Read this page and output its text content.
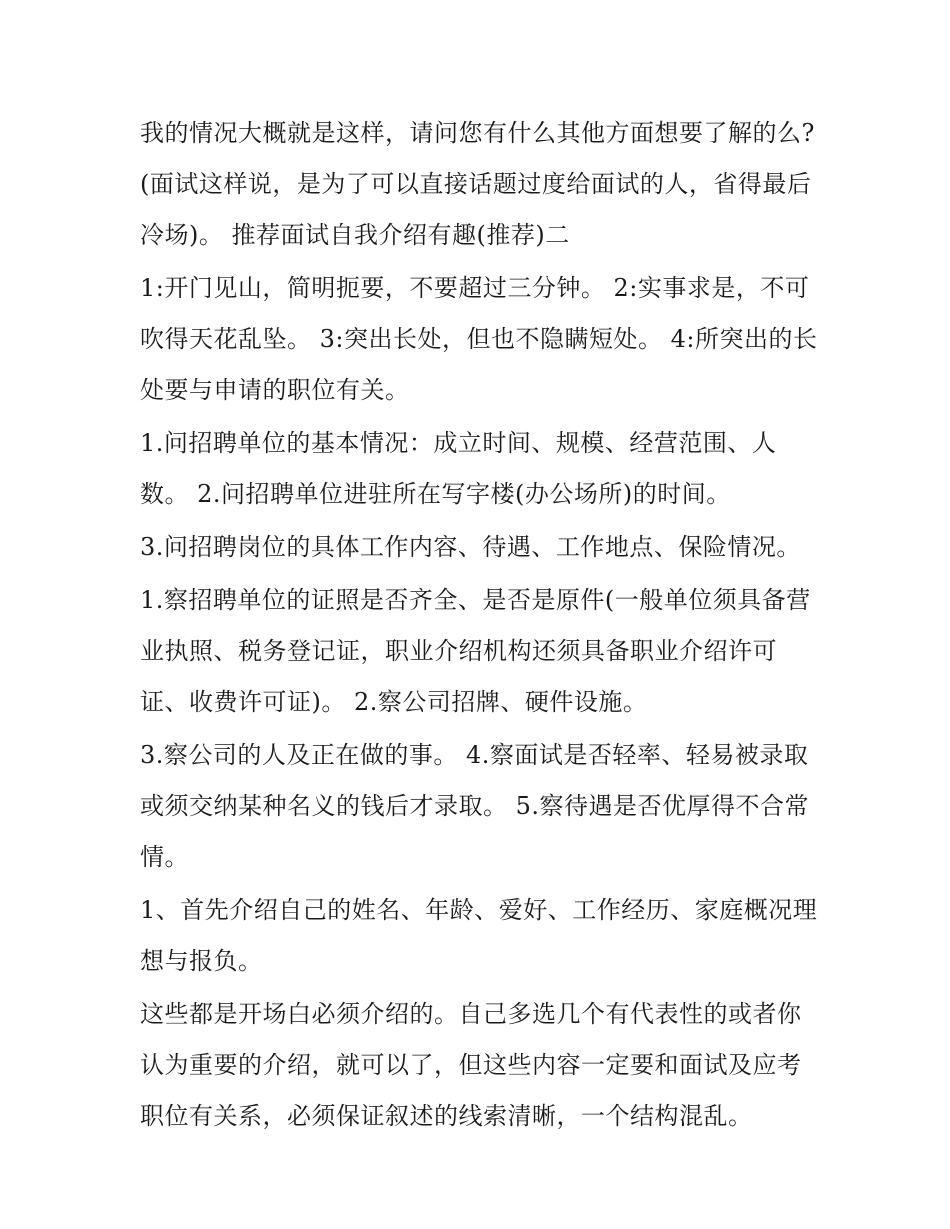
我的情况大概就是这样，请问您有什么其他方面想要了解的么?(面试这样说，是为了可以直接话题过度给面试的人，省得最后冷场)。 推荐面试自我介绍有趣(推荐)二

1:开门见山，简明扼要，不要超过三分钟。 2:实事求是，不可吹得天花乱坠。 3:突出长处，但也不隐瞒短处。 4:所突出的长处要与申请的职位有关。

1.问招聘单位的基本情况：成立时间、规模、经营范围、人数。 2.问招聘单位进驻所在写字楼(办公场所)的时间。

3.问招聘岗位的具体工作内容、待遇、工作地点、保险情况。

1.察招聘单位的证照是否齐全、是否是原件(一般单位须具备营业执照、税务登记证，职业介绍机构还须具备职业介绍许可证、收费许可证)。 2.察公司招牌、硬件设施。

3.察公司的人及正在做的事。 4.察面试是否轻率、轻易被录取或须交纳某种名义的钱后才录取。 5.察待遇是否优厚得不合常情。

1、首先介绍自己的姓名、年龄、爱好、工作经历、家庭概况理想与报负。

这些都是开场白必须介绍的。自己多选几个有代表性的或者你认为重要的介绍，就可以了，但这些内容一定要和面试及应考职位有关系，必须保证叙述的线索清晰，一个结构混乱。
